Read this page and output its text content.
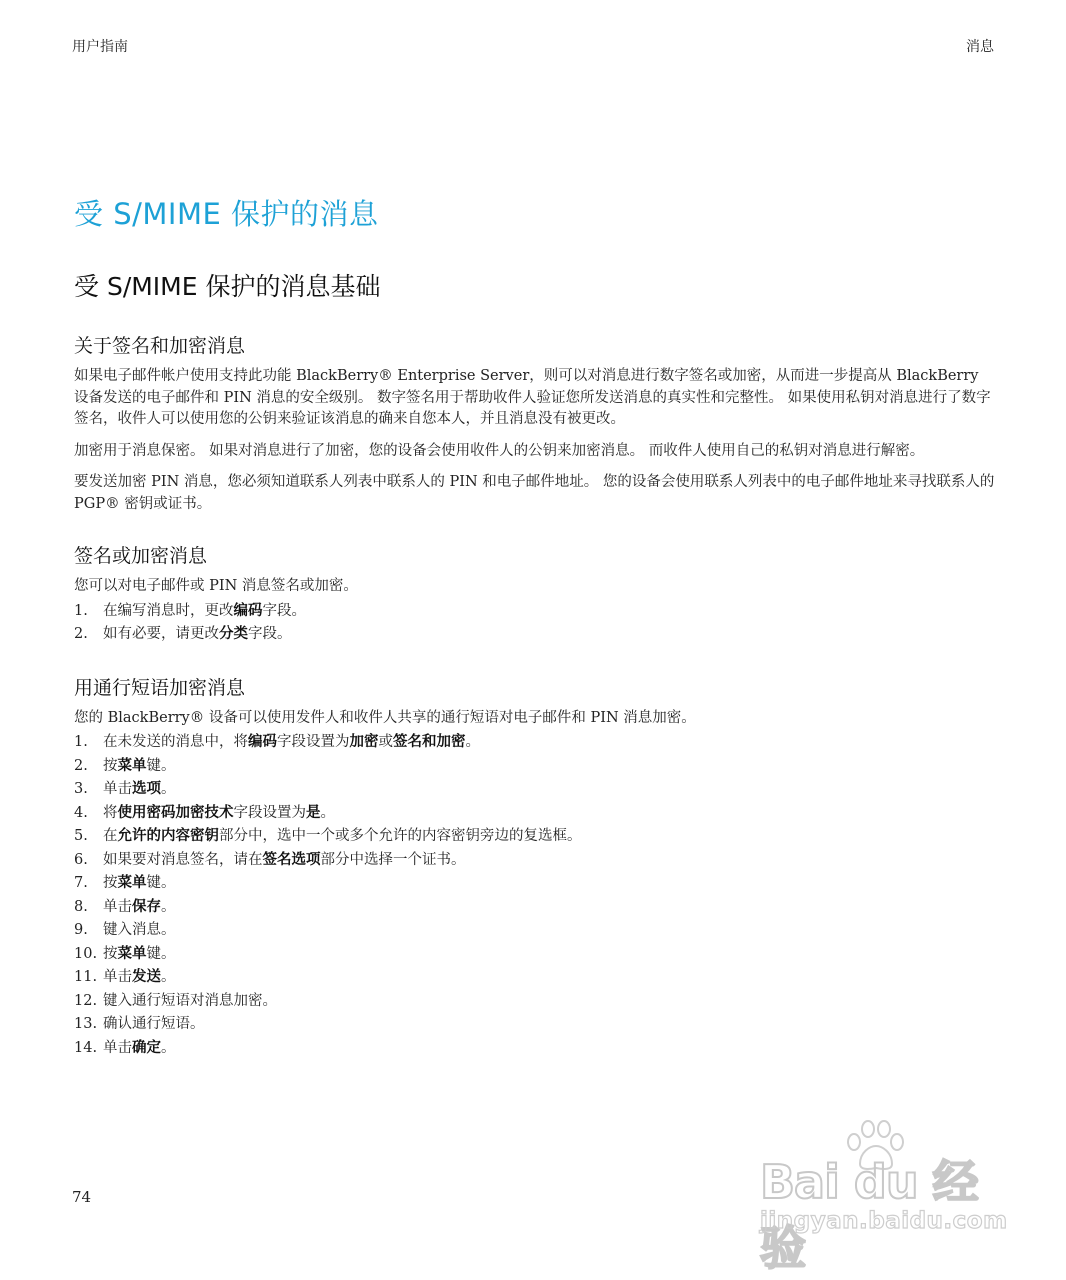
用户指南	消息
受 S/MIME 保护的消息
受 S/MIME 保护的消息基础
关于签名和加密消息

如果电子邮件帐户使用支持此功能 BlackBerry® Enterprise Server，则可以对消息进行数字签名或加密，从而进一步提高从 BlackBerry 设备发送的电子邮件和 PIN 消息的安全级别。 数字签名用于帮助收件人验证您所发送消息的真实性和完整性。 如果使用私钥对消息进行了数字签名，收件人可以使用您的公钥来验证该消息的确来自您本人，并且消息没有被更改。

加密用于消息保密。 如果对消息进行了加密，您的设备会使用收件人的公钥来加密消息。 而收件人使用自己的私钥对消息进行解密。

要发送加密 PIN 消息，您必须知道联系人列表中联系人的 PIN 和电子邮件地址。 您的设备会使用联系人列表中的电子邮件地址来寻找联系人的 PGP® 密钥或证书。

签名或加密消息

您可以对电子邮件或 PIN 消息签名或加密。

1.	在编写消息时，更改编码字段。
2.	如有必要，请更改分类字段。
用通行短语加密消息

您的 BlackBerry® 设备可以使用发件人和收件人共享的通行短语对电子邮件和 PIN 消息加密。

1.	在未发送的消息中，将编码字段设置为加密或签名和加密。
2.	按菜单键。
3.	单击选项。
4.	将使用密码加密技术字段设置为是。
5.	在允许的内容密钥部分中，选中一个或多个允许的内容密钥旁边的复选框。
6.	如果要对消息签名，请在签名选项部分中选择一个证书。
7.	按菜单键。
8.	单击保存。
9.	键入消息。
10. 按菜单键。
11. 单击发送。
12. 键入通行短语对消息加密。
13. 确认通行短语。
14. 单击确定。
74	Bai du 经验
jingyan.baidu.com
